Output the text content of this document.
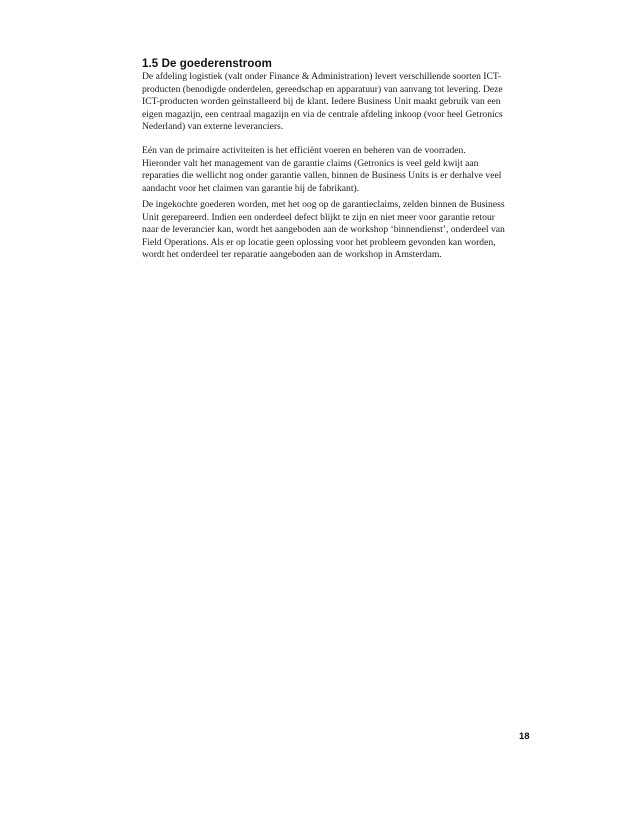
1.5 De goederenstroom
De afdeling logistiek (valt onder Finance & Administration) levert verschillende soorten ICT-
producten (benodigde onderdelen, gereedschap en apparatuur) van aanvang tot levering. Deze
ICT-producten worden geïnstalleerd bij de klant. Iedere Business Unit maakt gebruik van een
eigen magazijn, een centraal magazijn en via de centrale afdeling inkoop (voor heel Getronics
Nederland) van externe leveranciers.
Eén van de primaire activiteiten is het efficiënt voeren en beheren van de voorraden.
Hieronder valt het management van de garantie claims (Getronics is veel geld kwijt aan
reparaties die wellicht nog onder garantie vallen, binnen de Business Units is er derhalve veel
aandacht voor het claimen van garantie bij de fabrikant).
De ingekochte goederen worden, met het oog op de garantieclaims, zelden binnen de Business
Unit gerepareerd. Indien een onderdeel defect blijkt te zijn en niet meer voor garantie retour
naar de leverancier kan, wordt het aangeboden aan de workshop ‘binnendienst’, onderdeel van
Field Operations. Als er op locatie geen oplossing voor het probleem gevonden kan worden,
wordt het onderdeel ter reparatie aangeboden aan de workshop in Amsterdam.
18
